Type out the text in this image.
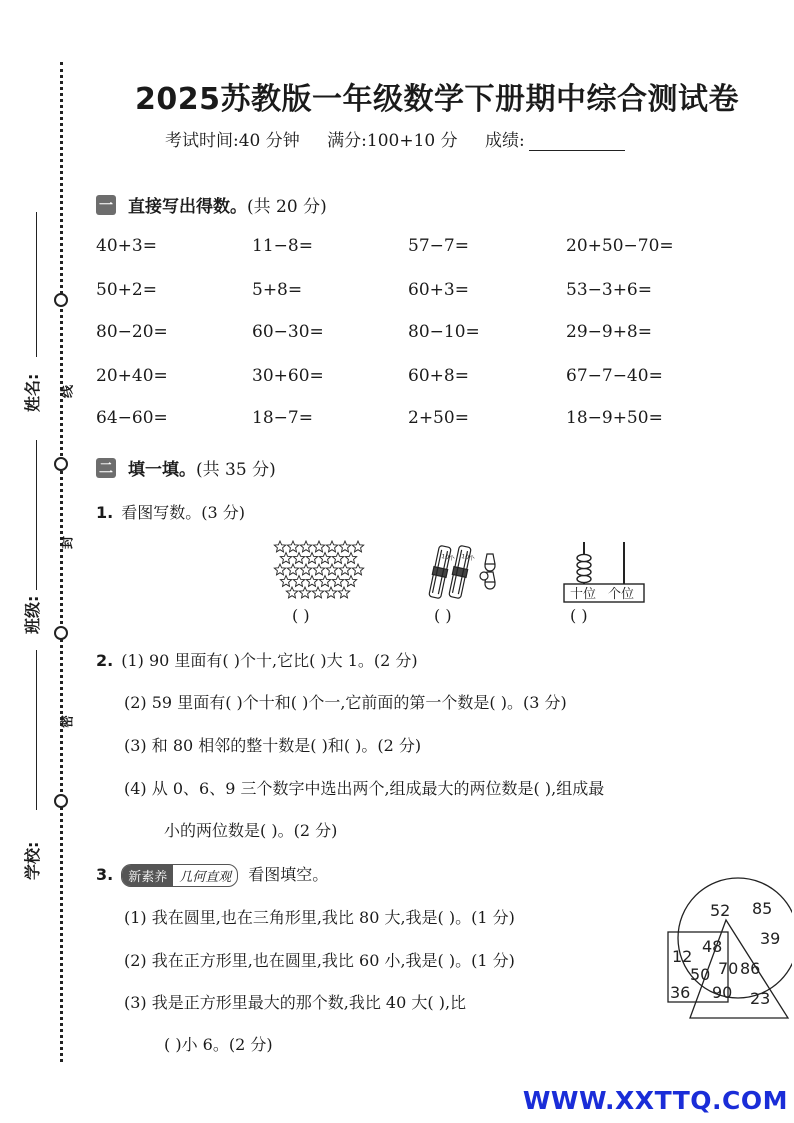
线
封
密
学校:
班级:
姓名:
2025苏教版一年级数学下册期中综合测试卷
考试时间:40 分钟 满分:100+10 分 成绩:
一 直接写出得数。 (共 20 分)
40+3=	11−8=	57−7=	20+50−70=
50+2=	5+8=	60+3=	53−3+6=
80−20=	60−30=	80−10=	29−9+8=
20+40=	30+60=	60+8=	67−7−40=
64−60=	18−7=	2+50=	18−9+50=
二 填一填。 (共 35 分)
1. 看图写数。(3 分)
( )
10个 10个
( )
十位 个位
( )
2. (1) 90 里面有( )个十,它比( )大 1。(2 分)
(2) 59 里面有( )个十和( )个一,它前面的第一个数是( )。(3 分)
(3) 和 80 相邻的整十数是( )和( )。(2 分)
(4) 从 0、6、9 三个数字中选出两个,组成最大的两位数是( ),组成最
小的两位数是( )。(2 分)
3.	新素养 几何直观	看图填空。
(1) 我在圆里,也在三角形里,我比 80 大,我是( )。(1 分)
(2) 我在正方形里,也在圆里,我比 60 小,我是( )。(1 分)
(3) 我是正方形里最大的那个数,我比 40 大( ),比
( )小 6。(2 分)
52 85
39
12
48
50 70 86
36 90 23
WWW.XXTTQ.COM
